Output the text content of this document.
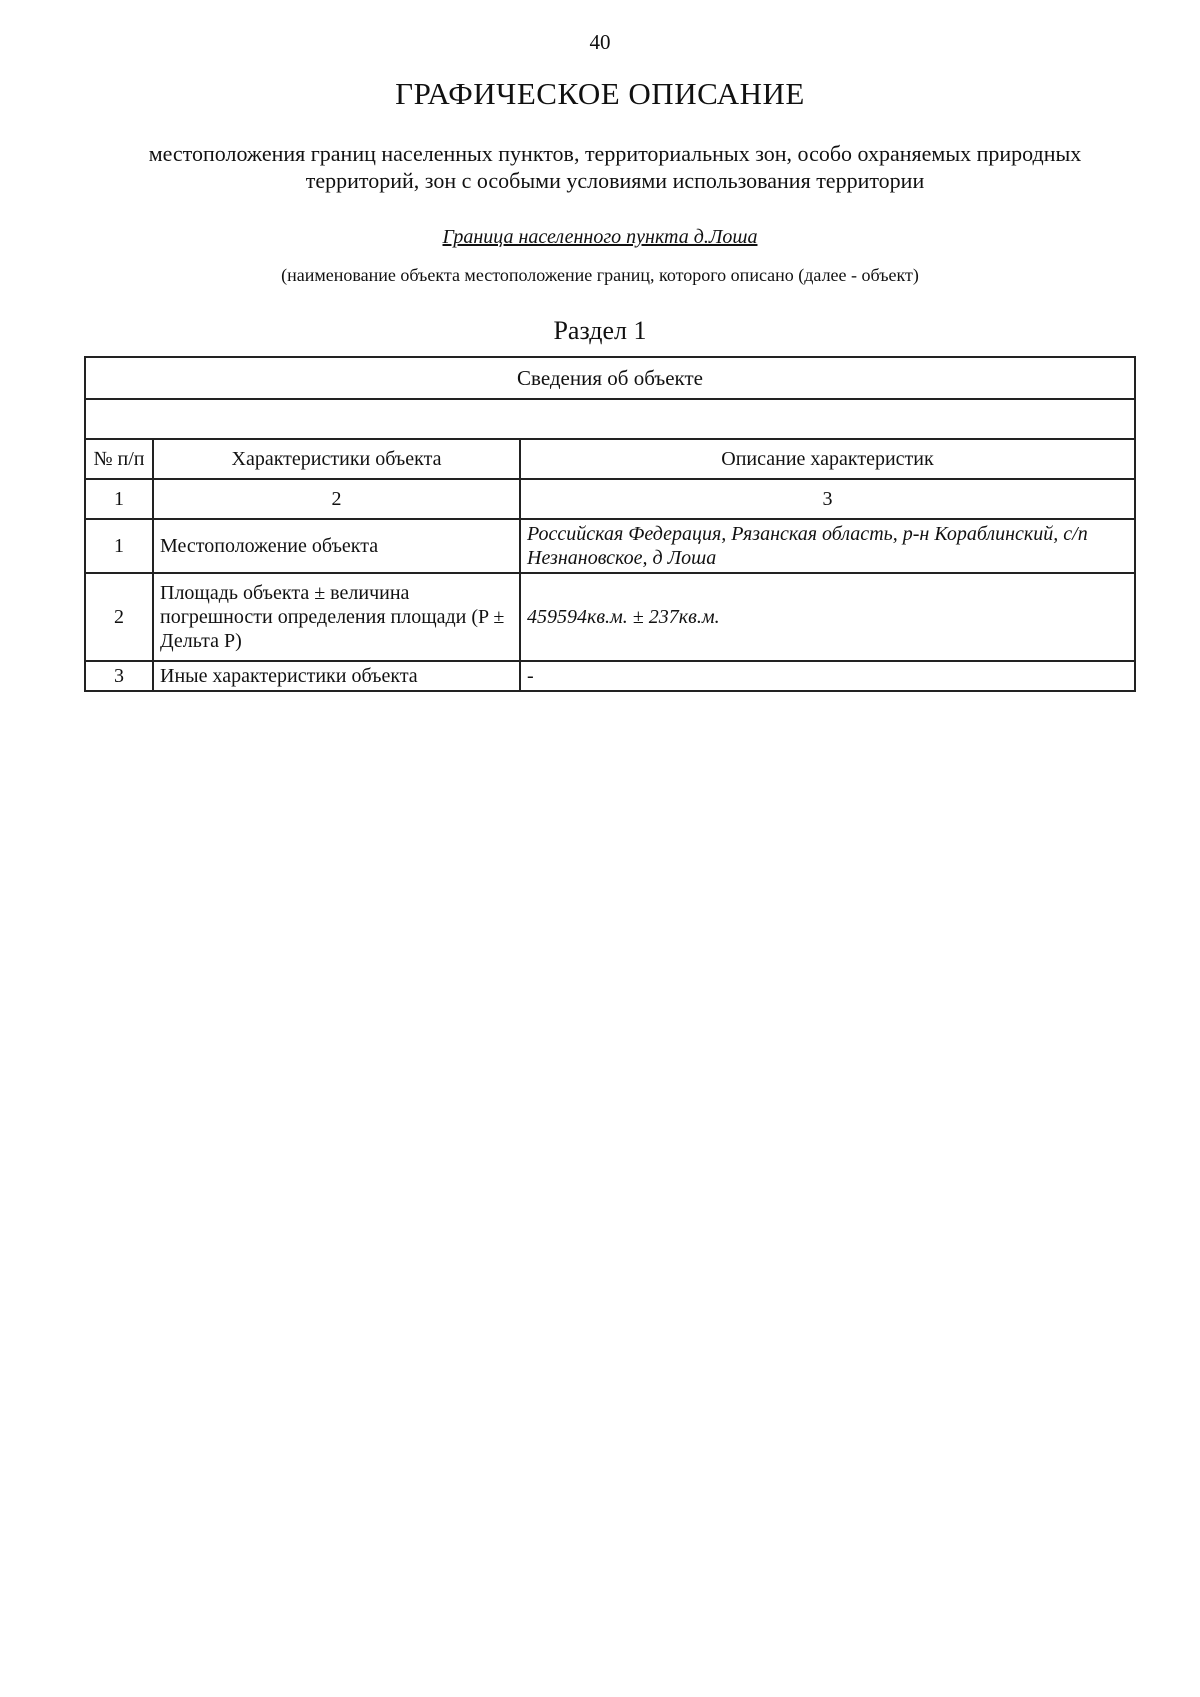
40
ГРАФИЧЕСКОЕ ОПИСАНИЕ
местоположения границ населенных пунктов, территориальных зон, особо охраняемых природных территорий, зон с особыми условиями использования территории
Граница населенного пункта д.Лоша
(наименование объекта местоположение границ, которого описано (далее - объект)
Раздел 1
Сведения об объекте		

№ п/п	Характеристики объекта	Описание характеристик
1	2	3
1	Местоположение объекта	Российская Федерация, Рязанская область, р-н Кораблинский, с/п Незнановское, д Лоша
2	Площадь объекта ± величина погрешности определения площади (P ± Дельта P)	459594кв.м. ± 237кв.м.
3	Иные характеристики объекта	-
